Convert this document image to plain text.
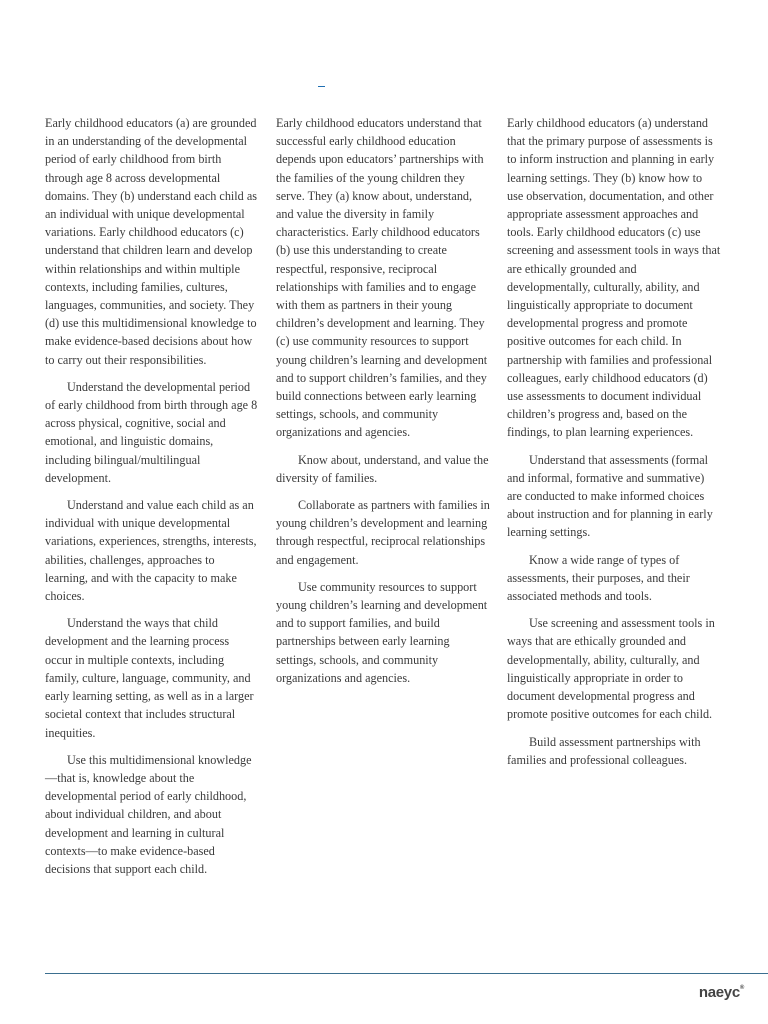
Early childhood educators (a) are grounded in an understanding of the developmental period of early childhood from birth through age 8 across developmental domains. They (b) understand each child as an individual with unique developmental variations. Early childhood educators (c) understand that children learn and develop within relationships and within multiple contexts, including families, cultures, languages, communities, and society. They (d) use this multidimensional knowledge to make evidence-based decisions about how to carry out their responsibilities.

Understand the developmental period of early childhood from birth through age 8 across physical, cognitive, social and emotional, and linguistic domains, including bilingual/multilingual development.

Understand and value each child as an individual with unique developmental variations, experiences, strengths, interests, abilities, challenges, approaches to learning, and with the capacity to make choices.

Understand the ways that child development and the learning process occur in multiple contexts, including family, culture, language, community, and early learning setting, as well as in a larger societal context that includes structural inequities.

Use this multidimensional knowledge—that is, knowledge about the developmental period of early childhood, about individual children, and about development and learning in cultural contexts—to make evidence-based decisions that support each child.

Early childhood educators understand that successful early childhood education depends upon educators’ partnerships with the families of the young children they serve. They (a) know about, understand, and value the diversity in family characteristics. Early childhood educators (b) use this understanding to create respectful, responsive, reciprocal relationships with families and to engage with them as partners in their young children’s development and learning. They (c) use community resources to support young children’s learning and development and to support children’s families, and they build connections between early learning settings, schools, and community organizations and agencies.

Know about, understand, and value the diversity of families.

Collaborate as partners with families in young children’s development and learning through respectful, reciprocal relationships and engagement.

Use community resources to support young children’s learning and development and to support families, and build partnerships between early learning settings, schools, and community organizations and agencies.

Early childhood educators (a) understand that the primary purpose of assessments is to inform instruction and planning in early learning settings. They (b) know how to use observation, documentation, and other appropriate assessment approaches and tools. Early childhood educators (c) use screening and assessment tools in ways that are ethically grounded and developmentally, culturally, ability, and linguistically appropriate to document developmental progress and promote positive outcomes for each child. In partnership with families and professional colleagues, early childhood educators (d) use assessments to document individual children’s progress and, based on the findings, to plan learning experiences.

Understand that assessments (formal and informal, formative and summative) are conducted to make informed choices about instruction and for planning in early learning settings.

Know a wide range of types of assessments, their purposes, and their associated methods and tools.

Use screening and assessment tools in ways that are ethically grounded and developmentally, ability, culturally, and linguistically appropriate in order to document developmental progress and promote positive outcomes for each child.

Build assessment partnerships with families and professional colleagues.

naeyc®
